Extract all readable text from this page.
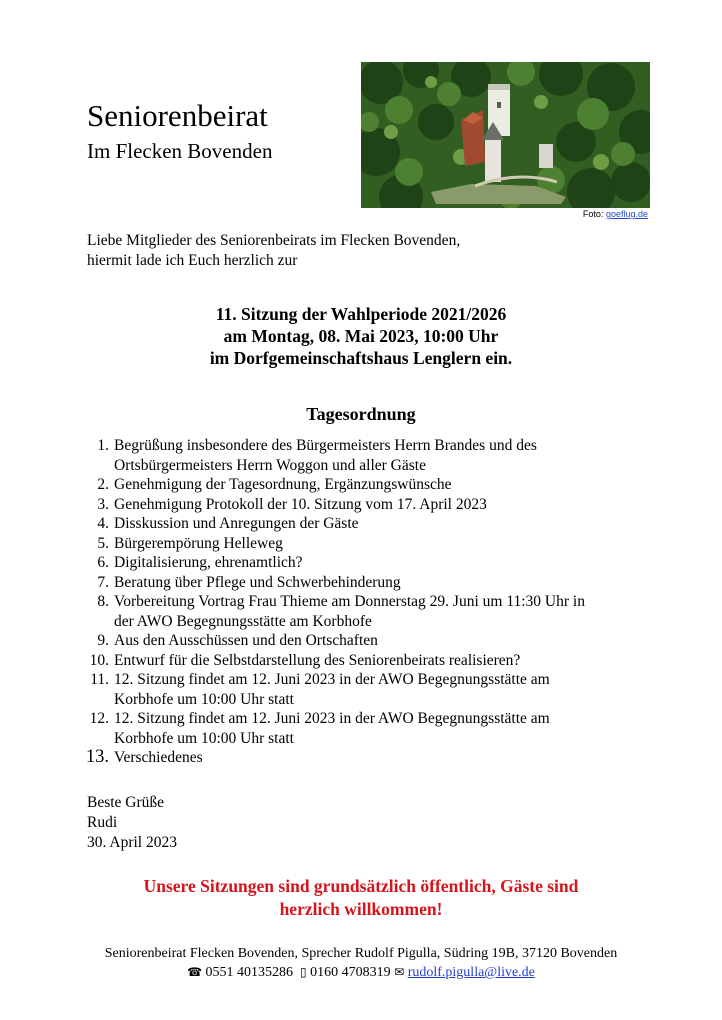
Seniorenbeirat
Im Flecken Bovenden
Foto: goeflug.de
Liebe Mitglieder des Seniorenbeirats im Flecken Bovenden,
hiermit lade ich Euch herzlich zur
11. Sitzung der Wahlperiode 2021/2026
am Montag, 08. Mai 2023, 10:00 Uhr
im Dorfgemeinschaftshaus Lenglern ein.
Tagesordnung
1. Begrüßung insbesondere des Bürgermeisters Herrn Brandes und des
Ortsbürgermeisters Herrn Woggon und aller Gäste
2. Genehmigung der Tagesordnung, Ergänzungswünsche
3. Genehmigung Protokoll der 10. Sitzung vom 17. April 2023
4. Disskussion und Anregungen der Gäste
5. Bürgerempörung Helleweg
6. Digitalisierung, ehrenamtlich?
7. Beratung über Pflege und Schwerbehinderung
8. Vorbereitung Vortrag Frau Thieme am Donnerstag 29. Juni um 11:30 Uhr in
der AWO Begegnungsstätte am Korbhofe
9. Aus den Ausschüssen und den Ortschaften
10. Entwurf für die Selbstdarstellung des Seniorenbeirats realisieren?
11. 12. Sitzung findet am 12. Juni 2023 in der AWO Begegnungsstätte am
Korbhofe um 10:00 Uhr statt
12. 12. Sitzung findet am 12. Juni 2023 in der AWO Begegnungsstätte am
Korbhofe um 10:00 Uhr statt
13. Verschiedenes
Beste Grüße
Rudi
30. April 2023
Unsere Sitzungen sind grundsätzlich öffentlich, Gäste sind
herzlich willkommen!
Seniorenbeirat Flecken Bovenden, Sprecher Rudolf Pigulla, Südring 19B, 37120 Bovenden
☎ 0551 40135286 ▯ 0160 4708319 ✉ rudolf.pigulla@live.de
